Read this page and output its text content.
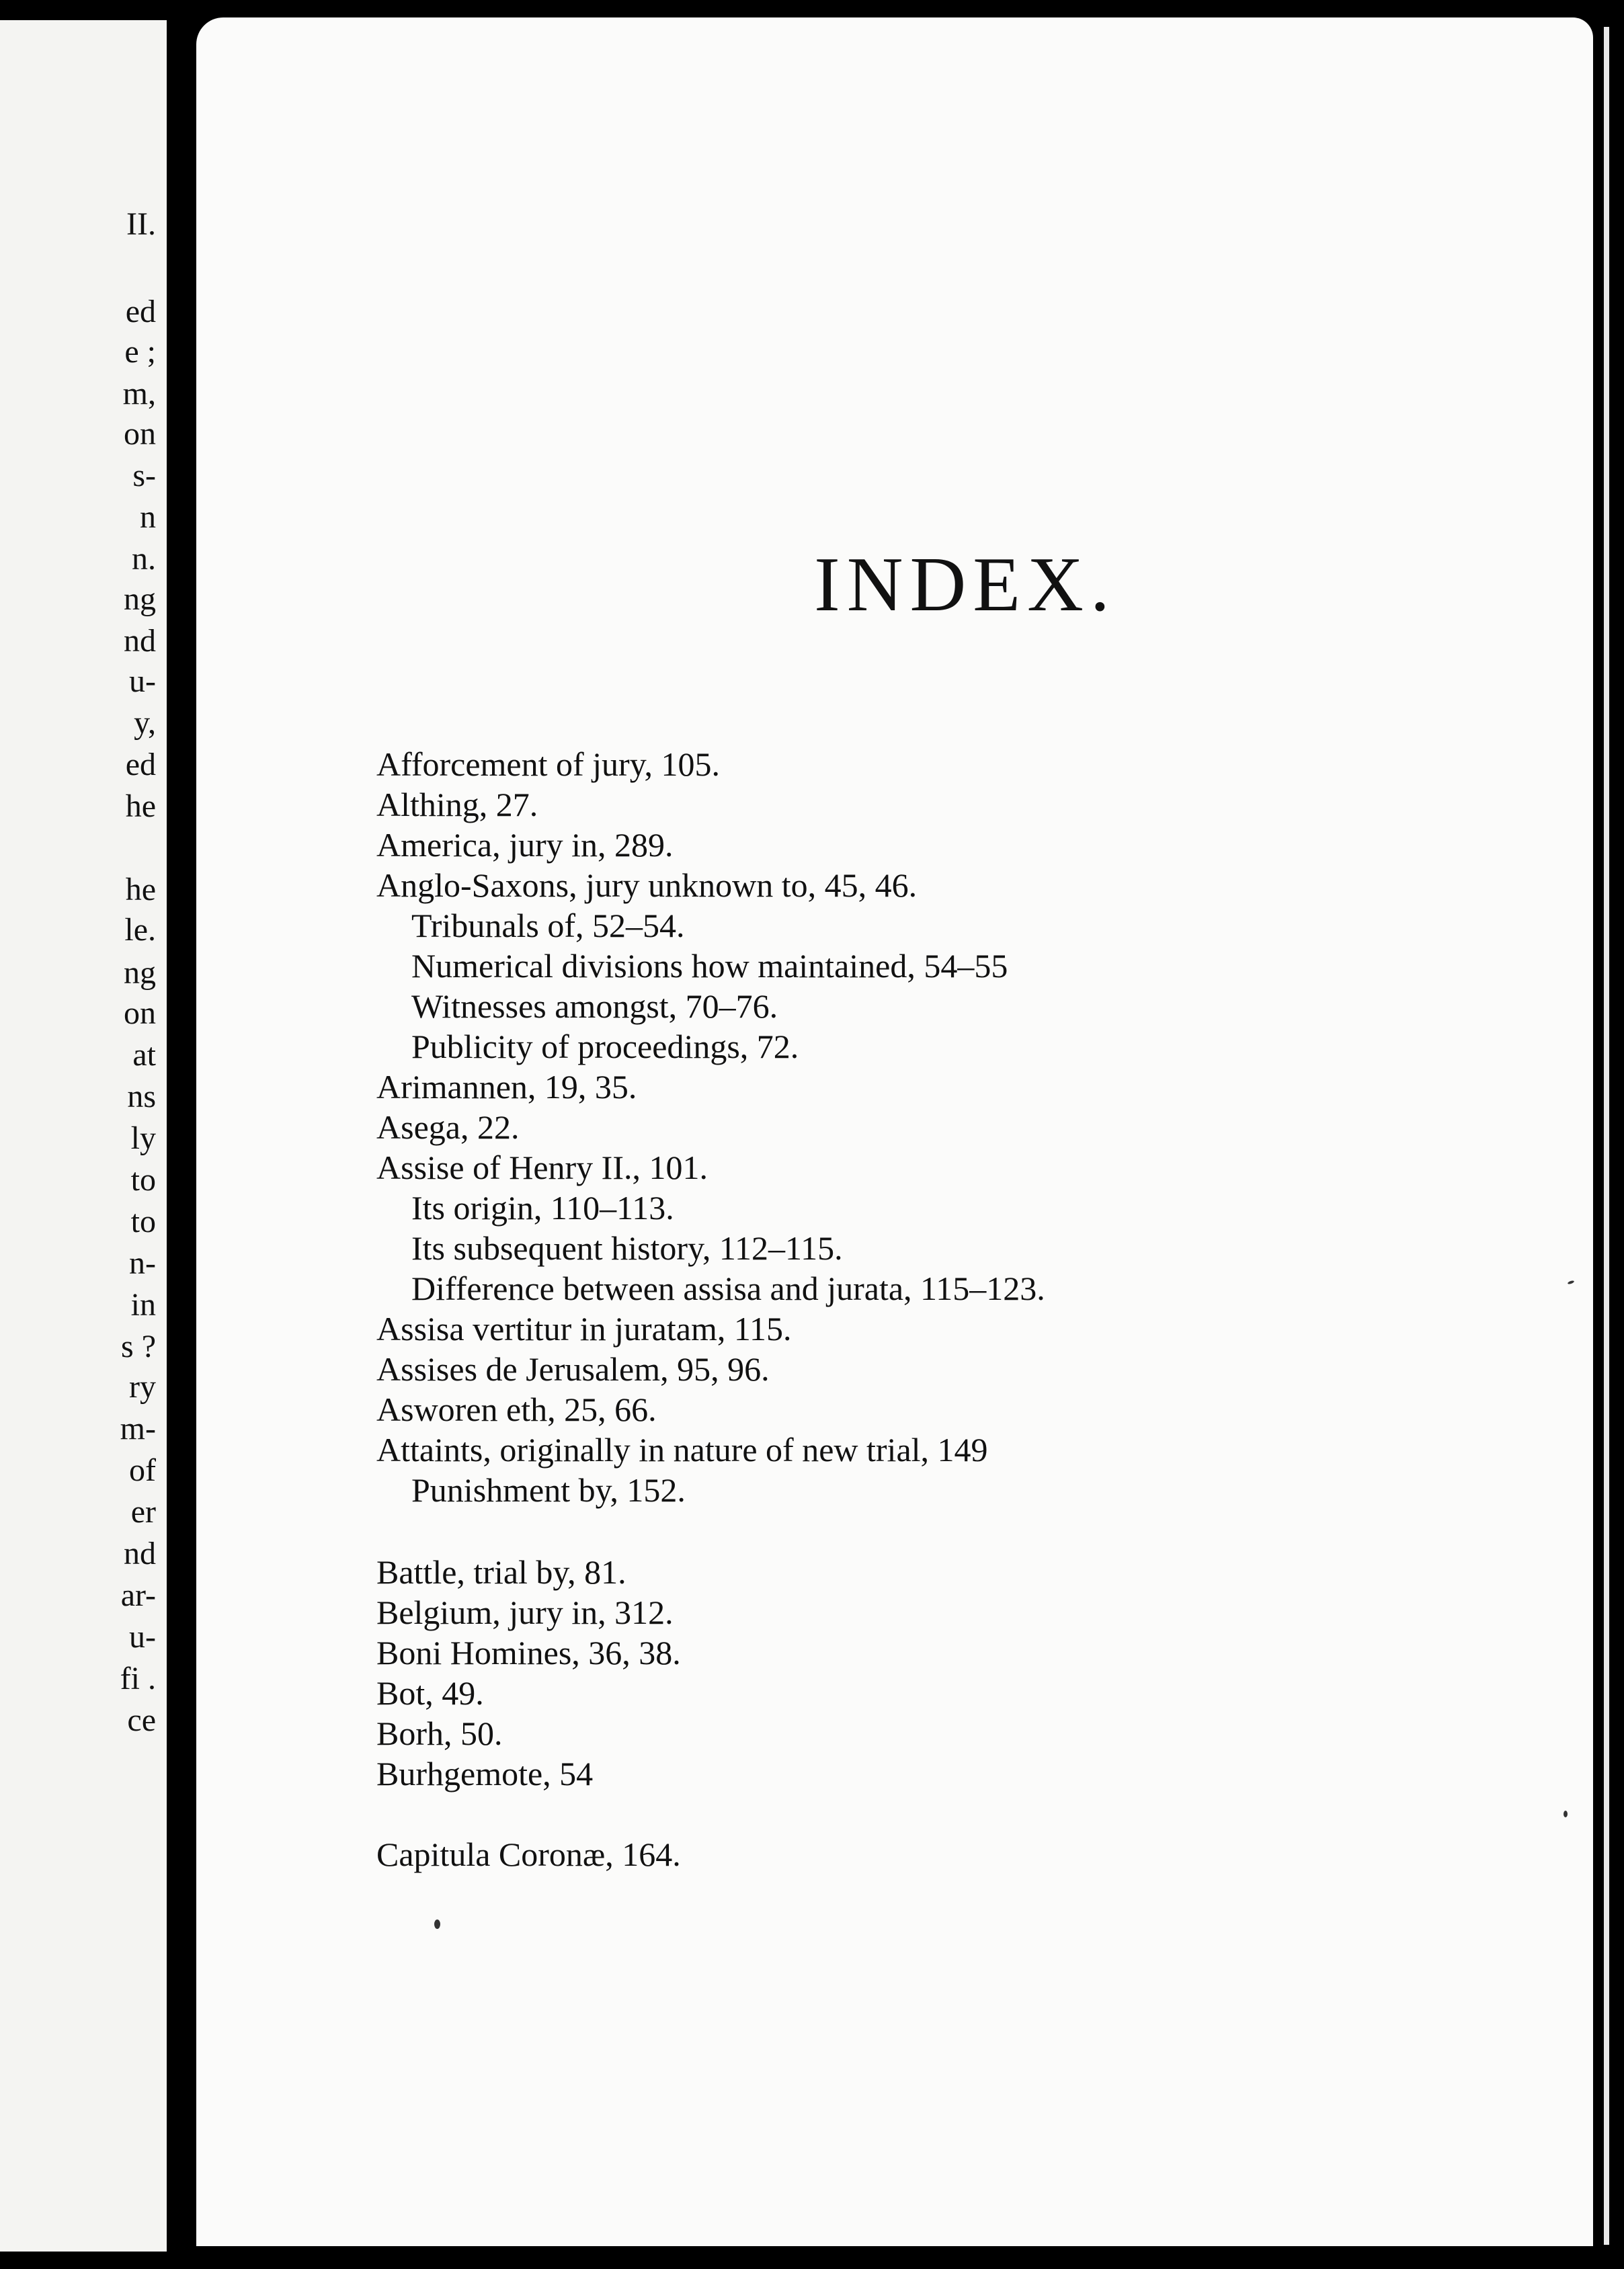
II.
ed
e ;
m,
on
s-
n
n.
ng
nd
u-
y,
ed
he
he
le.
ng
on
at
ns
ly
to
to
n-
in
s ?
ry
m-
of
er
nd
ar-
u-
fi .
ce
INDEX.
Afforcement of jury, 105.
Althing, 27.
America, jury in, 289.
Anglo-Saxons, jury unknown to, 45, 46.
Tribunals of, 52–54.
Numerical divisions how maintained, 54–55
Witnesses amongst, 70–76.
Publicity of proceedings, 72.
Arimannen, 19, 35.
Asega, 22.
Assise of Henry II., 101.
Its origin, 110–113.
Its subsequent history, 112–115.
Difference between assisa and jurata, 115–123.
Assisa vertitur in juratam, 115.
Assises de Jerusalem, 95, 96.
Asworen eth, 25, 66.
Attaints, originally in nature of new trial, 149
Punishment by, 152.
Battle, trial by, 81.
Belgium, jury in, 312.
Boni Homines, 36, 38.
Bot, 49.
Borh, 50.
Burhgemote, 54
Capitula Coronæ, 164.
